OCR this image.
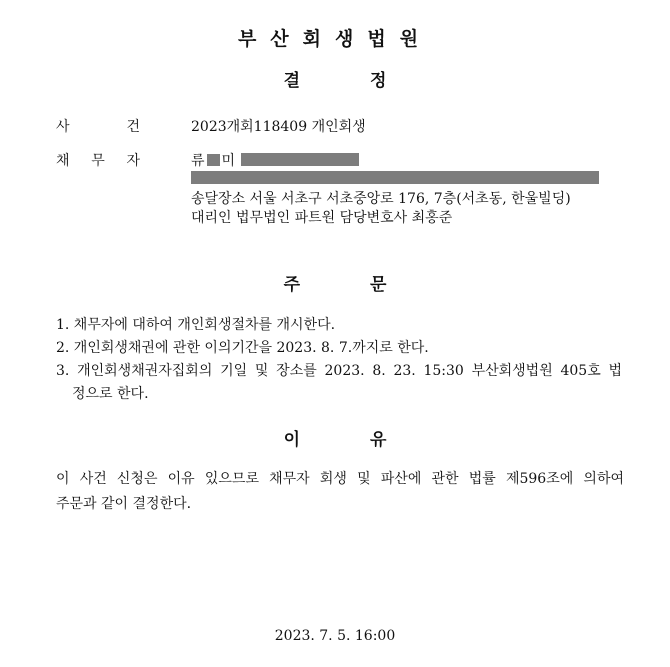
부산회생법원
결	정
사	건	2023개회118409 개인회생
채 무 자	류 미
송달장소 서울 서초구 서초중앙로 176, 7층(서초동, 한울빌딩)
대리인 법무법인 파트원 담당변호사 최홍준
주	문
1. 채무자에 대하여 개인회생절차를 개시한다.
2. 개인회생채권에 관한 이의기간을 2023. 8. 7.까지로 한다.
3. 개인회생채권자집회의 기일 및 장소를 2023. 8. 23. 15:30 부산회생법원 405호 법
정으로 한다.
이	유
이 사건 신청은 이유 있으므로 채무자 회생 및 파산에 관한 법률 제596조에 의하여
주문과 같이 결정한다.
2023. 7. 5. 16:00
